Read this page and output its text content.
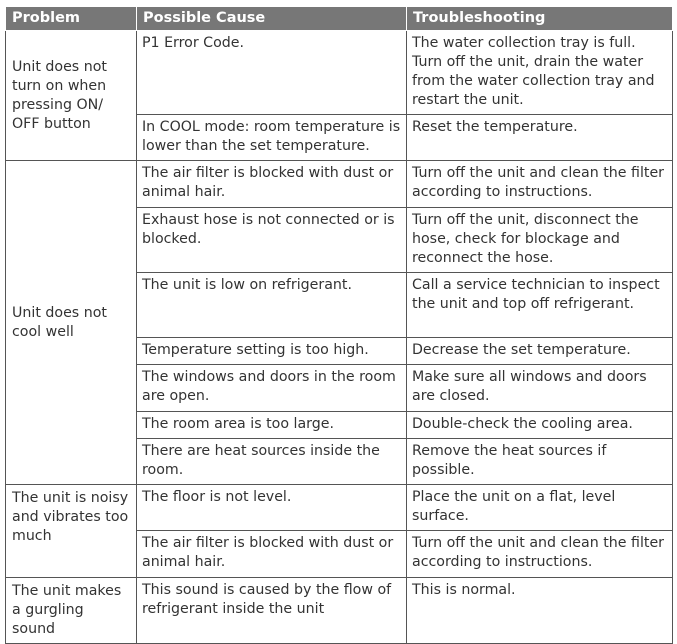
Problem	Possible Cause	Troubleshooting
Unit does not turn on when pressing ON/ OFF button	P1 Error Code.	The water collection tray is full. Turn off the unit, drain the water from the water collection tray and restart the unit.
	In COOL mode: room temperature is lower than the set temperature.	Reset the temperature.
Unit does not cool well	The air filter is blocked with dust or animal hair.	Turn off the unit and clean the filter according to instructions.
	Exhaust hose is not connected or is blocked.	Turn off the unit, disconnect the hose, check for blockage and reconnect the hose.
	The unit is low on refrigerant.	Call a service technician to inspect the unit and top off refrigerant.
	Temperature setting is too high.	Decrease the set temperature.
	The windows and doors in the room are open.	Make sure all windows and doors are closed.
	The room area is too large.	Double-check the cooling area.
	There are heat sources inside the room.	Remove the heat sources if possible.
The unit is noisy and vibrates too much	The floor is not level.	Place the unit on a flat, level surface.
	The air filter is blocked with dust or animal hair.	Turn off the unit and clean the filter according to instructions.
The unit makes a gurgling sound	This sound is caused by the flow of refrigerant inside the unit	This is normal.
